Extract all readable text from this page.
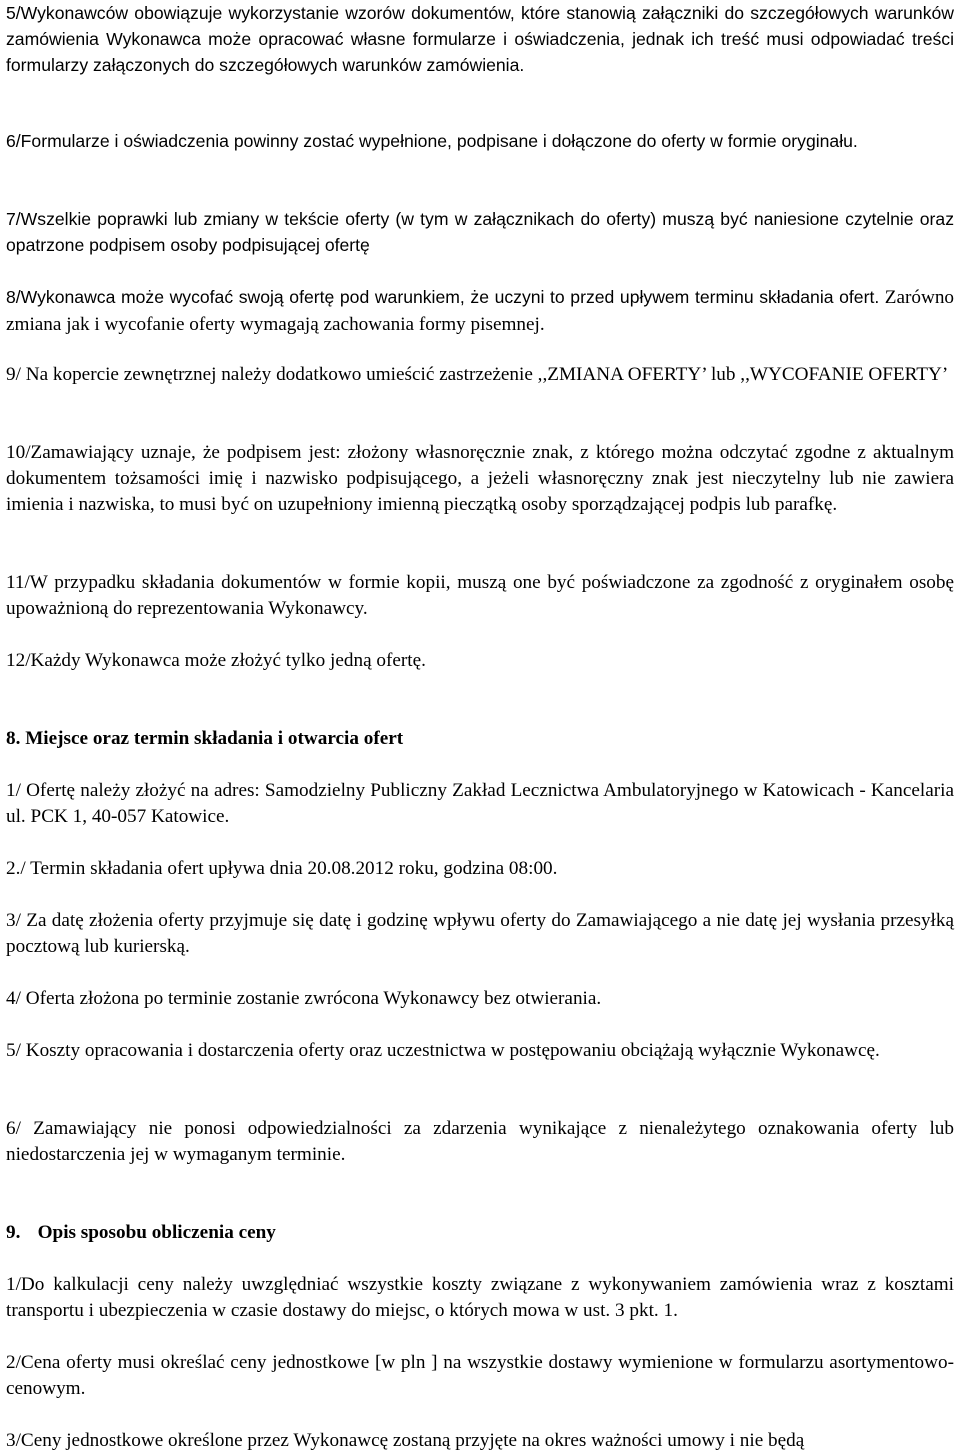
5/Wykonawców obowiązuje wykorzystanie wzorów dokumentów, które stanowią załączniki do szczegółowych warunków zamówienia Wykonawca może opracować własne formularze i oświadczenia, jednak ich treść musi odpowiadać treści formularzy załączonych do szczegółowych warunków zamówienia.
6/Formularze i oświadczenia powinny zostać wypełnione, podpisane i dołączone do oferty w formie oryginału.
7/Wszelkie poprawki lub zmiany w tekście oferty (w tym w załącznikach do oferty) muszą być naniesione czytelnie oraz opatrzone podpisem osoby podpisującej ofertę
8/Wykonawca może wycofać swoją ofertę pod warunkiem, że uczyni to przed upływem terminu składania ofert. Zarówno zmiana jak i wycofanie oferty wymagają zachowania formy pisemnej.
9/ Na kopercie zewnętrznej należy dodatkowo umieścić zastrzeżenie ,,ZMIANA OFERTY’ lub ,,WYCOFANIE OFERTY’
10/Zamawiający uznaje, że podpisem jest: złożony własnoręcznie znak, z którego można odczytać zgodne z aktualnym dokumentem tożsamości imię i nazwisko podpisującego, a jeżeli własnoręczny znak jest nieczytelny lub nie zawiera imienia i nazwiska, to musi być on uzupełniony imienną pieczątką osoby sporządzającej podpis lub parafkę.
11/W przypadku składania dokumentów w formie kopii, muszą one być poświadczone za zgodność z oryginałem osobę upoważnioną do reprezentowania Wykonawcy.
12/Każdy Wykonawca może złożyć tylko jedną ofertę.
8. Miejsce oraz termin składania i otwarcia ofert
1/ Ofertę należy złożyć na adres: Samodzielny Publiczny Zakład Lecznictwa Ambulatoryjnego w Katowicach - Kancelaria ul. PCK 1, 40-057 Katowice.
2./ Termin składania ofert upływa dnia 20.08.2012 roku, godzina 08:00.
3/ Za datę złożenia oferty przyjmuje się datę i godzinę wpływu oferty do Zamawiającego a nie datę jej wysłania przesyłką pocztową lub kurierską.
4/ Oferta złożona po terminie zostanie zwrócona Wykonawcy bez otwierania.
5/ Koszty opracowania i dostarczenia oferty oraz uczestnictwa w postępowaniu obciążają wyłącznie Wykonawcę.
6/ Zamawiający nie ponosi odpowiedzialności za zdarzenia wynikające z nienależytego oznakowania oferty lub niedostarczenia jej w wymaganym terminie.
9. Opis sposobu obliczenia ceny
1/Do kalkulacji ceny należy uwzględniać wszystkie koszty związane z wykonywaniem zamówienia wraz z kosztami transportu i ubezpieczenia w czasie dostawy do miejsc, o których mowa w ust. 3 pkt. 1.
2/Cena oferty musi określać ceny jednostkowe [w pln ] na wszystkie dostawy wymienione w formularzu asortymentowo- cenowym.
3/Ceny jednostkowe określone przez Wykonawcę zostaną przyjęte na okres ważności umowy i nie będą
